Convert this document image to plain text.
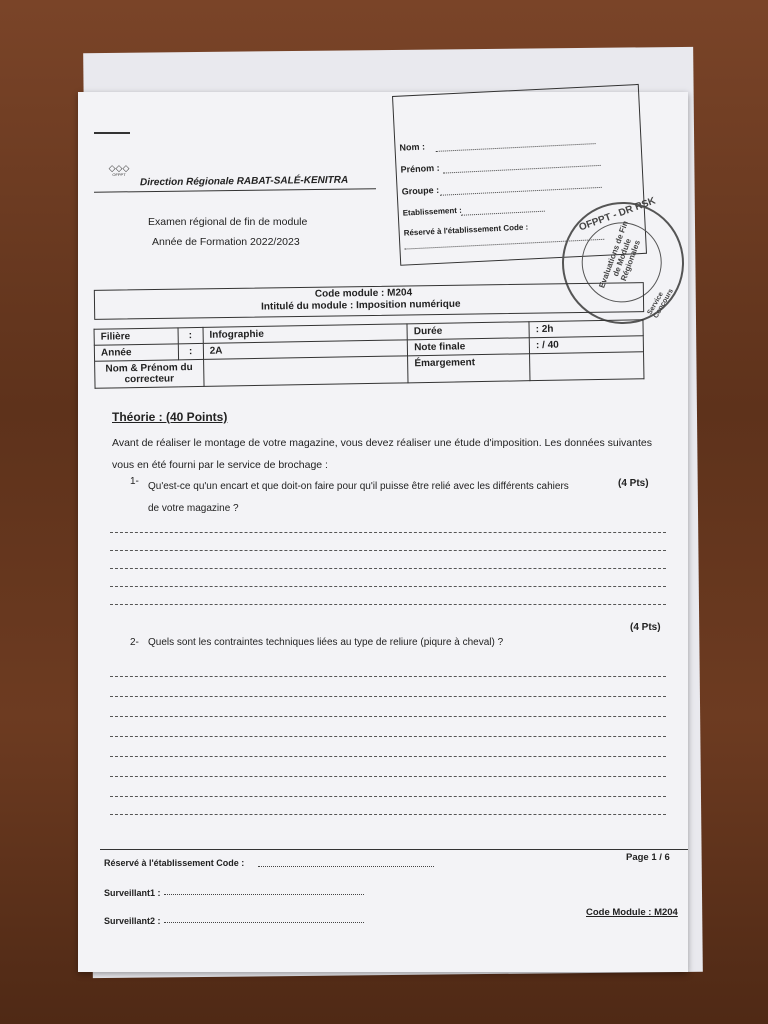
◇◇◇
OFPPT
Direction Régionale RABAT-SALÉ-KENITRA
Examen régional de fin de module
Année de Formation 2022/2023
Nom :
Prénom :
Groupe :
Etablissement :
Réservé à l'établissement Code :	OFPPT - DR RSK
Evaluations de Fin de Module Régionales
Service Concours
Code module : M204
Intitulé du module : Imposition numérique
Filière	:	Infographie	Durée	: 2h
Année	:	2A	Note finale	: / 40
Nom & Prénom du correcteur			Émargement	
Théorie : (40 Points)
Avant de réaliser le montage de votre magazine, vous devez réaliser une étude d'imposition. Les données suivantes vous en été fourni par le service de brochage :
1- Qu'est-ce qu'un encart et que doit-on faire pour qu'il puisse être relié avec les différents cahiers de votre magazine ?
(4 Pts)
2- Quels sont les contraintes techniques liées au type de reliure (piqure à cheval) ?
(4 Pts)
Réservé à l'établissement Code :	Page 1 / 6
Surveillant1 :
Surveillant2 :
Code Module : M204
